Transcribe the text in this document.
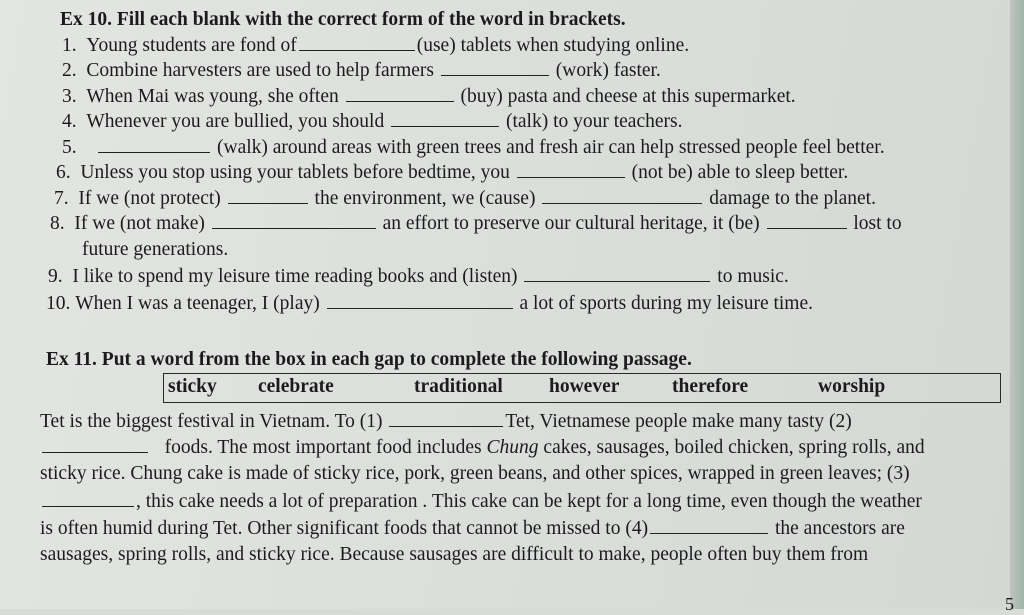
Ex 10. Fill each blank with the correct form of the word in brackets.
1. Young students are fond of	(use) tablets when studying online.
2. Combine harvesters are used to help farmers	(work) faster.
3. When Mai was young, she often	(buy) pasta and cheese at this supermarket.
4. Whenever you are bullied, you should	(talk) to your teachers.
5.	(walk) around areas with green trees and fresh air can help stressed people feel better.
6. Unless you stop using your tablets before bedtime, you	(not be) able to sleep better.
7. If we (not protect)	the environment, we (cause)	damage to the planet.
8. If we (not make)	an effort to preserve our cultural heritage, it (be)	lost to
future generations.
9. I like to spend my leisure time reading books and (listen)	to music.
10. When I was a teenager, I (play)	a lot of sports during my leisure time.
Ex 11. Put a word from the box in each gap to complete the following passage.
sticky celebrate	traditional however	therefore	worship
Tet is the biggest festival in Vietnam. To (1)	Tet, Vietnamese people make many tasty (2)
foods. The most important food includes Chung cakes, sausages, boiled chicken, spring rolls, and
sticky rice. Chung cake is made of sticky rice, pork, green beans, and other spices, wrapped in green leaves; (3)
, this cake needs a lot of preparation . This cake can be kept for a long time, even though the weather
is often humid during Tet. Other significant foods that cannot be missed to (4)	the ancestors are
sausages, spring rolls, and sticky rice. Because sausages are difficult to make, people often buy them from
5
